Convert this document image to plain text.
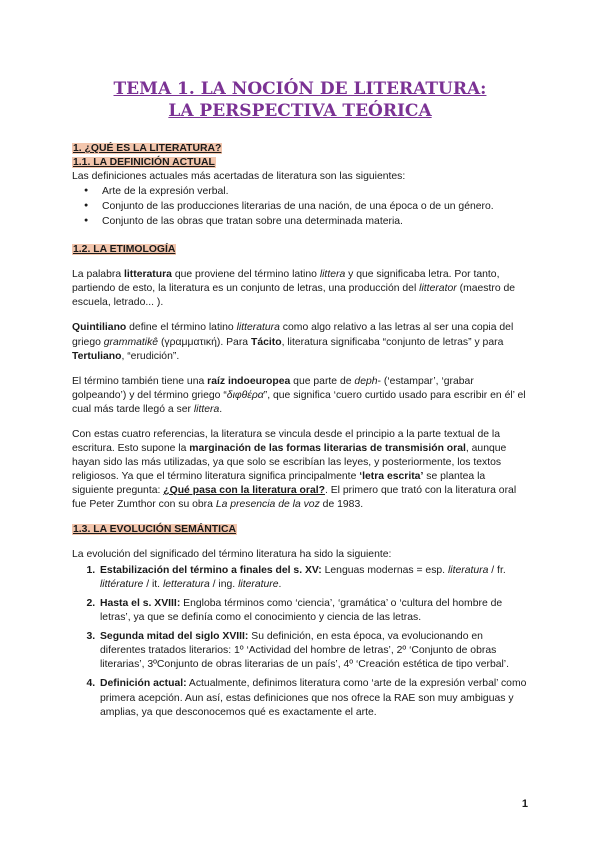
TEMA 1. LA NOCIÓN DE LITERATURA:
LA PERSPECTIVA TEÓRICA
1. ¿QUÉ ES LA LITERATURA?
1.1. LA DEFINICIÓN ACTUAL
Las definiciones actuales más acertadas de literatura son las siguientes:
● Arte de la expresión verbal.
● Conjunto de las producciones literarias de una nación, de una época o de un género.
● Conjunto de las obras que tratan sobre una determinada materia.
1.2. LA ETIMOLOGÍA

La palabra litteratura que proviene del término latino littera y que significaba letra. Por tanto, partiendo de esto, la literatura es un conjunto de letras, una producción del litterator (maestro de escuela, letrado... ).

Quintiliano define el término latino litteratura como algo relativo a las letras al ser una copia del griego grammatikê (γραμματική). Para Tácito, literatura significaba “conjunto de letras” y para Tertuliano, “erudición”.

El término también tiene una raíz indoeuropea que parte de deph- (‘estampar’, ‘grabar golpeando’) y del término griego “διφθέρα”, que significa ‘cuero curtido usado para escribir en él’ el cual más tarde llegó a ser littera.

Con estas cuatro referencias, la literatura se vincula desde el principio a la parte textual de la escritura. Esto supone la marginación de las formas literarias de transmisión oral, aunque hayan sido las más utilizadas, ya que solo se escribían las leyes, y posteriormente, los textos religiosos. Ya que el término literatura significa principalmente ‘letra escrita’ se plantea la siguiente pregunta: ¿Qué pasa con la literatura oral?. El primero que trató con la literatura oral fue Peter Zumthor con su obra La presencia de la voz de 1983.

1.3. LA EVOLUCIÓN SEMÁNTICA
La evolución del significado del término literatura ha sido la siguiente:
1. Estabilización del término a finales del s. XV: Lenguas modernas = esp. literatura / fr. littérature / it. letteratura / ing. literature.
2. Hasta el s. XVIII: Engloba términos como ‘ciencia’, ‘gramática’ o ‘cultura del hombre de letras’, ya que se definía como el conocimiento y ciencia de las letras.
3. Segunda mitad del siglo XVIII: Su definición, en esta época, va evolucionando en diferentes tratados literarios: 1º ‘Actividad del hombre de letras’, 2º ‘Conjunto de obras literarias’, 3ºConjunto de obras literarias de un país’, 4º ‘Creación estética de tipo verbal’.
4. Definición actual: Actualmente, definimos literatura como ‘arte de la expresión verbal’ como primera acepción. Aun así, estas definiciones que nos ofrece la RAE son muy ambiguas y amplias, ya que desconocemos qué es exactamente el arte.
1
